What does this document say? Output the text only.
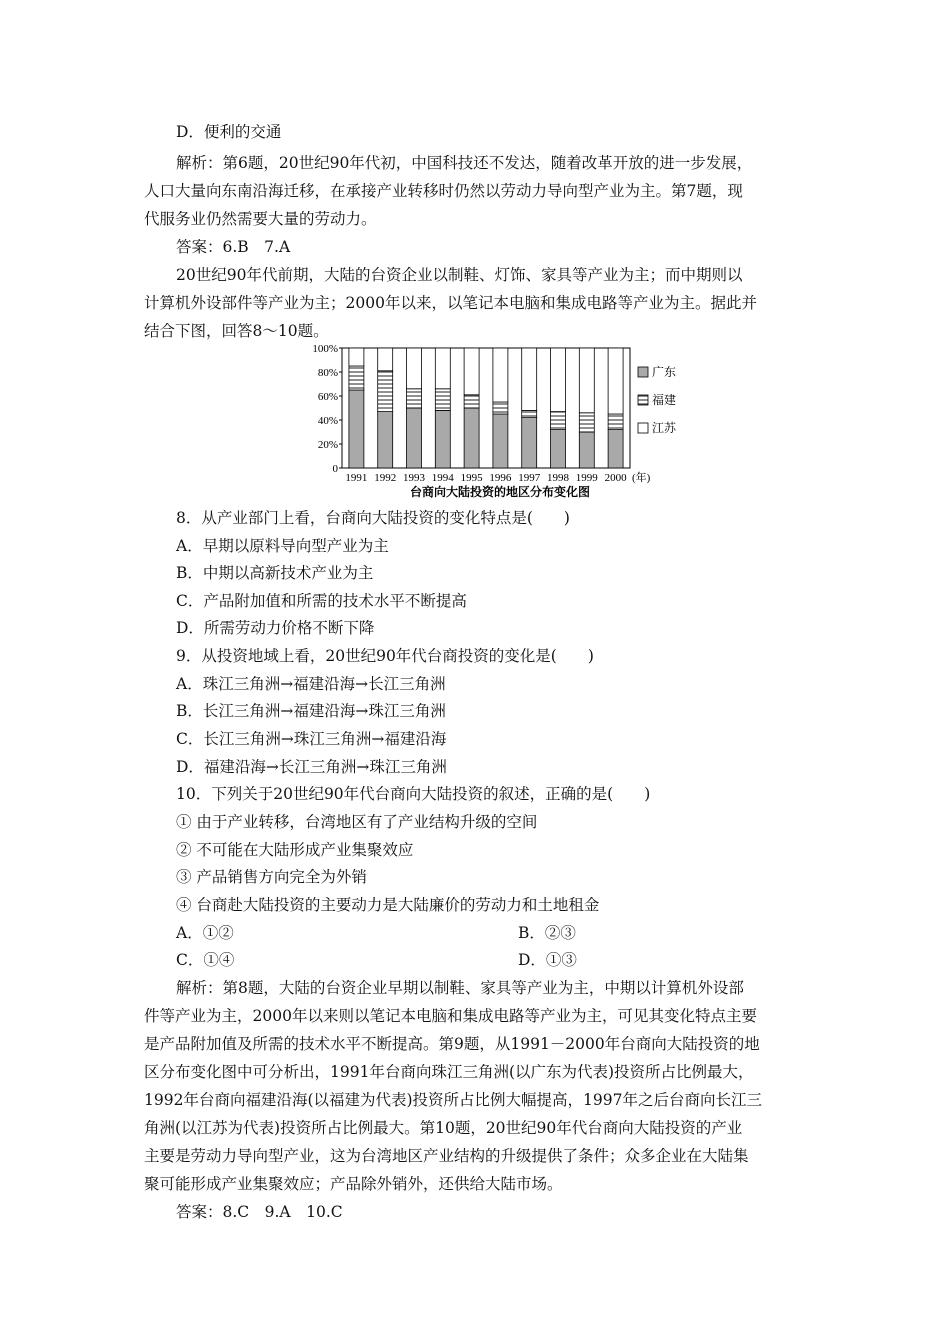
D．便利的交通
解析：第6题，20世纪90年代初，中国科技还不发达，随着改革开放的进一步发展，
人口大量向东南沿海迁移，在承接产业转移时仍然以劳动力导向型产业为主。第7题，现
代服务业仍然需要大量的劳动力。
答案：6.B　7.A
20世纪90年代前期，大陆的台资企业以制鞋、灯饰、家具等产业为主；而中期则以
计算机外设部件等产业为主；2000年以来，以笔记本电脑和集成电路等产业为主。据此并
结合下图，回答8～10题。
0
20%
40%
60%
80%
100%
1991 1992 1993 1994 1995 1996 1997 1998 1999 2000 (年)
广东
福建
江苏
台商向大陆投资的地区分布变化图
8．从产业部门上看，台商向大陆投资的变化特点是(　　)
A．早期以原料导向型产业为主
B．中期以高新技术产业为主
C．产品附加值和所需的技术水平不断提高
D．所需劳动力价格不断下降
9．从投资地域上看，20世纪90年代台商投资的变化是(　　)
A．珠江三角洲→福建沿海→长江三角洲
B．长江三角洲→福建沿海→珠江三角洲
C．长江三角洲→珠江三角洲→福建沿海
D．福建沿海→长江三角洲→珠江三角洲
10．下列关于20世纪90年代台商向大陆投资的叙述，正确的是(　　)
① 由于产业转移，台湾地区有了产业结构升级的空间
② 不可能在大陆形成产业集聚效应
③ 产品销售方向完全为外销
④ 台商赴大陆投资的主要动力是大陆廉价的劳动力和土地租金
A．①②	B．②③
C．①④	D．①③
解析：第8题，大陆的台资企业早期以制鞋、家具等产业为主，中期以计算机外设部
件等产业为主，2000年以来则以笔记本电脑和集成电路等产业为主，可见其变化特点主要
是产品附加值及所需的技术水平不断提高。第9题，从1991－2000年台商向大陆投资的地
区分布变化图中可分析出，1991年台商向珠江三角洲(以广东为代表)投资所占比例最大，
1992年台商向福建沿海(以福建为代表)投资所占比例大幅提高，1997年之后台商向长江三
角洲(以江苏为代表)投资所占比例最大。第10题，20世纪90年代台商向大陆投资的产业
主要是劳动力导向型产业，这为台湾地区产业结构的升级提供了条件；众多企业在大陆集
聚可能形成产业集聚效应；产品除外销外，还供给大陆市场。
答案：8.C　9.A　10.C
